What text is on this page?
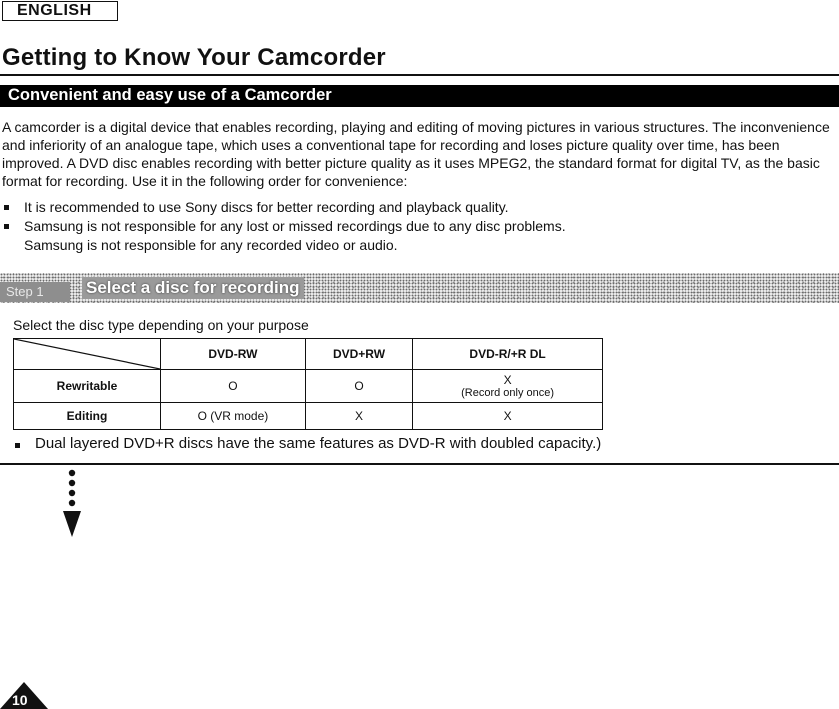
ENGLISH
Getting to Know Your Camcorder
Convenient and easy use of a Camcorder

A camcorder is a digital device that enables recording, playing and editing of moving pictures in various structures. The inconvenience and inferiority of an analogue tape, which uses a conventional tape for recording and loses picture quality over time, has been improved. A DVD disc enables recording with better picture quality as it uses MPEG2, the standard format for digital TV, as the basic format for recording. Use it in the following order for convenience:

It is recommended to use Sony discs for better recording and playback quality.
Samsung is not responsible for any lost or missed recordings due to any disc problems.
Samsung is not responsible for any recorded video or audio.
Step 1	Select a disc for recording

Select the disc type depending on your purpose

	DVD-RW	DVD+RW	DVD-R/+R DL
Rewritable	O	O	X
(Record only once)

Editing	O (VR mode)	X	X

Dual layered DVD+R discs have the same features as DVD-R with doubled capacity.)

10
